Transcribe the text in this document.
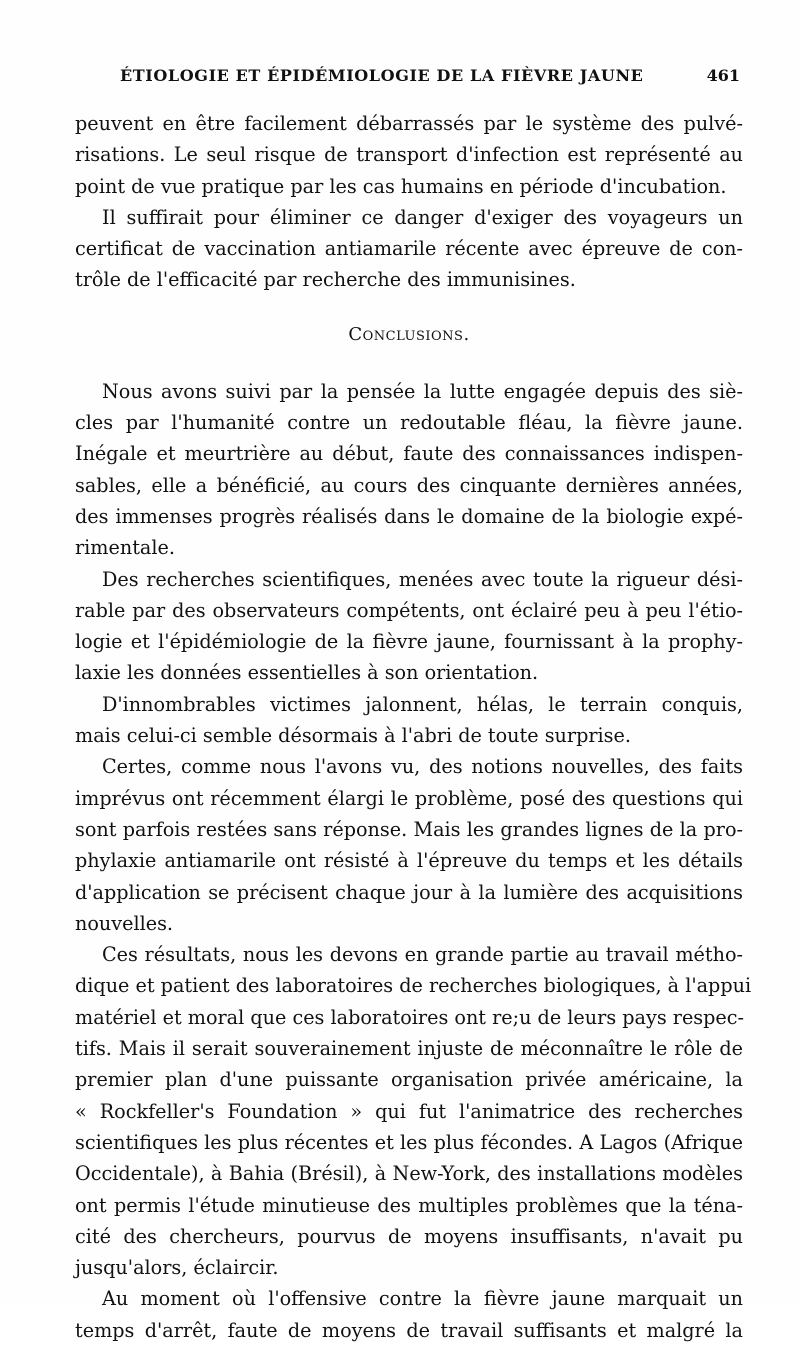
ÉTIOLOGIE ET ÉPIDÉMIOLOGIE DE LA FIÈVRE JAUNE	461
peuvent en être facilement débarrassés par le système des pulvé-
risations. Le seul risque de transport d'infection est représenté au
point de vue pratique par les cas humains en période d'incubation.
Il suffirait pour éliminer ce danger d'exiger des voyageurs un
certificat de vaccination antiamarile récente avec épreuve de con-
trôle de l'efficacité par recherche des immunisines.
Conclusions.
Nous avons suivi par la pensée la lutte engagée depuis des siè-
cles par l'humanité contre un redoutable fléau, la fièvre jaune.
Inégale et meurtrière au début, faute des connaissances indispen-
sables, elle a bénéficié, au cours des cinquante dernières années,
des immenses progrès réalisés dans le domaine de la biologie expé-
rimentale.
Des recherches scientifiques, menées avec toute la rigueur dési-
rable par des observateurs compétents, ont éclairé peu à peu l'étio-
logie et l'épidémiologie de la fièvre jaune, fournissant à la prophy-
laxie les données essentielles à son orientation.
D'innombrables victimes jalonnent, hélas, le terrain conquis,
mais celui-ci semble désormais à l'abri de toute surprise.
Certes, comme nous l'avons vu, des notions nouvelles, des faits
imprévus ont récemment élargi le problème, posé des questions qui
sont parfois restées sans réponse. Mais les grandes lignes de la pro-
phylaxie antiamarile ont résisté à l'épreuve du temps et les détails
d'application se précisent chaque jour à la lumière des acquisitions
nouvelles.
Ces résultats, nous les devons en grande partie au travail métho-
dique et patient des laboratoires de recherches biologiques, à l'appui
matériel et moral que ces laboratoires ont re;u de leurs pays respec-
tifs. Mais il serait souverainement injuste de méconnaître le rôle de
premier plan d'une puissante organisation privée américaine, la
« Rockfeller's Foundation » qui fut l'animatrice des recherches
scientifiques les plus récentes et les plus fécondes. A Lagos (Afrique
Occidentale), à Bahia (Brésil), à New-York, des installations modèles
ont permis l'étude minutieuse des multiples problèmes que la téna-
cité des chercheurs, pourvus de moyens insuffisants, n'avait pu
jusqu'alors, éclaircir.
Au moment où l'offensive contre la fièvre jaune marquait un
temps d'arrêt, faute de moyens de travail suffisants et malgré la
